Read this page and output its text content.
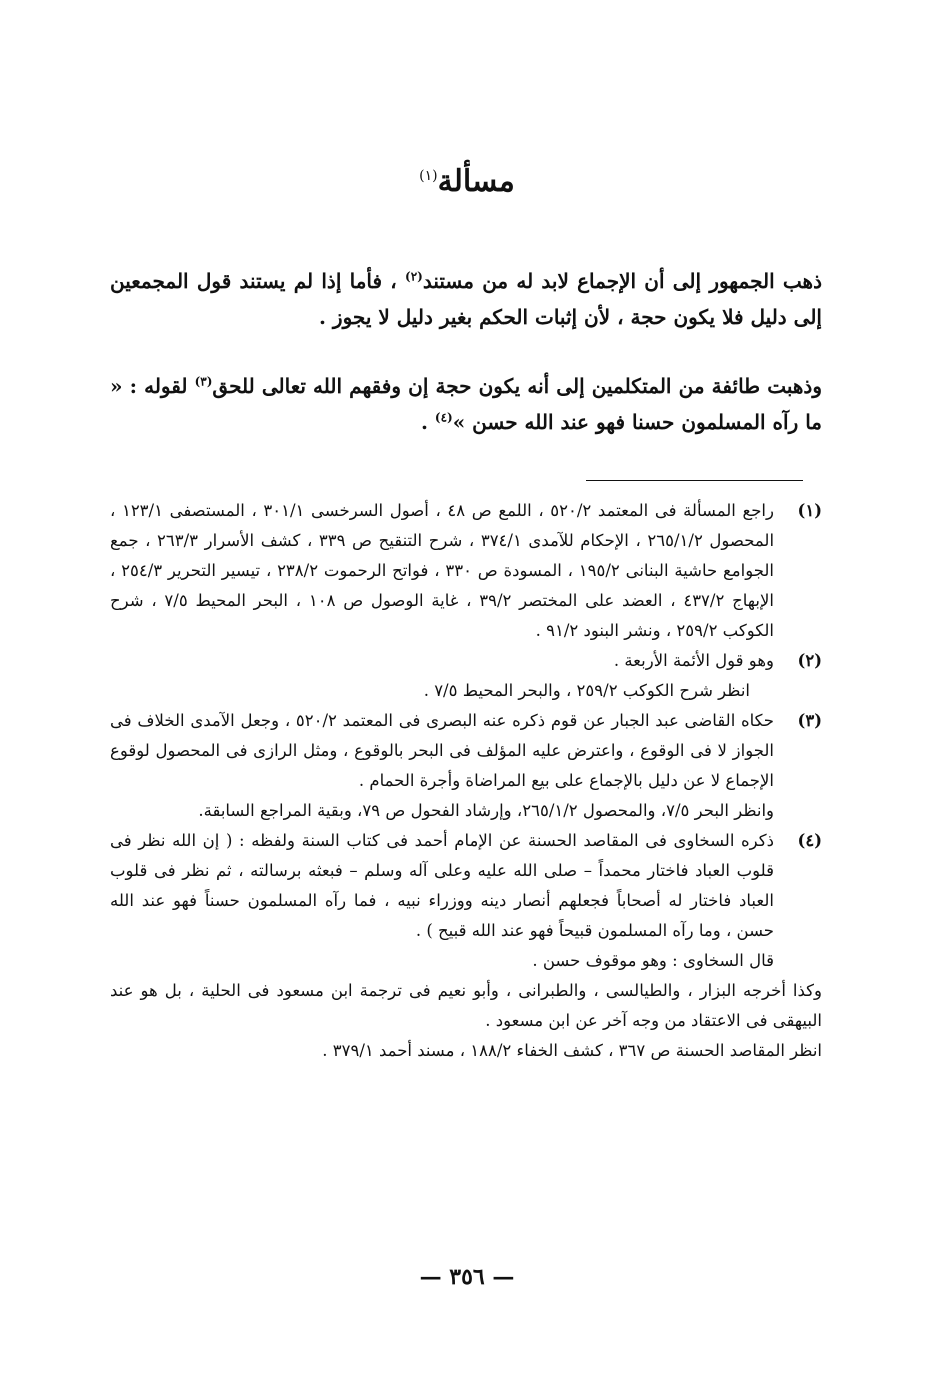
مسألة$^{(١)}$

ذهب الجمهور إلى أن الإجماع لابد له من مستند$^{(٢)}$ ، فأما إذا لم يستند قول المجمعين إلى دليل فلا يكون حجة ، لأن إثبات الحكم بغير دليل لا يجوز .

وذهبت طائفة من المتكلمين إلى أنه يكون حجة إن وفقهم الله تعالى للحق$^{(٣)}$ لقوله : « ما رآه المسلمون حسنا فهو عند الله حسن »$^{(٤)}$ .

(١)

راجع المسألة فى المعتمد ٥٢٠/٢ ، اللمع ص ٤٨ ، أصول السرخسى ٣٠١/١ ، المستصفى ١٢٣/١ ، المحصول ٢٦٥/١/٢ ، الإحكام للآمدى ٣٧٤/١ ، شرح التنقيح ص ٣٣٩ ، كشف الأسرار ٢٦٣/٣ ، جمع الجوامع حاشية البنانى ١٩٥/٢ ، المسودة ص ٣٣٠ ، فواتح الرحموت ٢٣٨/٢ ، تيسير التحرير ٢٥٤/٣ ، الإبهاج ٤٣٧/٢ ، العضد على المختصر ٣٩/٢ ، غاية الوصول ص ١٠٨ ، البحر المحيط ٧/٥ ، شرح الكوكب ٢٥٩/٢ ، ونشر البنود ٩١/٢ .

(٢)

وهو قول الأئمة الأربعة .

انظر شرح الكوكب ٢٥٩/٢ ، والبحر المحيط ٧/٥ .

(٣)

حكاه القاضى عبد الجبار عن قوم ذكره عنه البصرى فى المعتمد ٥٢٠/٢ ، وجعل الآمدى الخلاف فى الجواز لا فى الوقوع ، واعترض عليه المؤلف فى البحر بالوقوع ، ومثل الرازى فى المحصول لوقوع الإجماع لا عن دليل بالإجماع على بيع المراضاة وأجرة الحمام .

وانظر البحر ٧/٥، والمحصول ٢٦٥/١/٢، وإرشاد الفحول ص ٧٩، وبقية المراجع السابقة.

(٤)

ذكره السخاوى فى المقاصد الحسنة عن الإمام أحمد فى كتاب السنة ولفظه : ( إن الله نظر فى قلوب العباد فاختار محمداً – صلى الله عليه وعلى آله وسلم – فبعثه برسالته ، ثم نظر فى قلوب العباد فاختار له أصحاباً فجعلهم أنصار دينه ووزراء نبيه ، فما رآه المسلمون حسناً فهو عند الله حسن ، وما رآه المسلمون قبيحاً فهو عند الله قبيح ) .

قال السخاوى : وهو موقوف حسن .

وكذا أخرجه البزار ، والطيالسى ، والطبرانى ، وأبو نعيم فى ترجمة ابن مسعود فى الحلية ، بل هو عند البيهقى فى الاعتقاد من وجه آخر عن ابن مسعود .

انظر المقاصد الحسنة ص ٣٦٧ ، كشف الخفاء ١٨٨/٢ ، مسند أحمد ٣٧٩/١ .

— ٣٥٦ —
